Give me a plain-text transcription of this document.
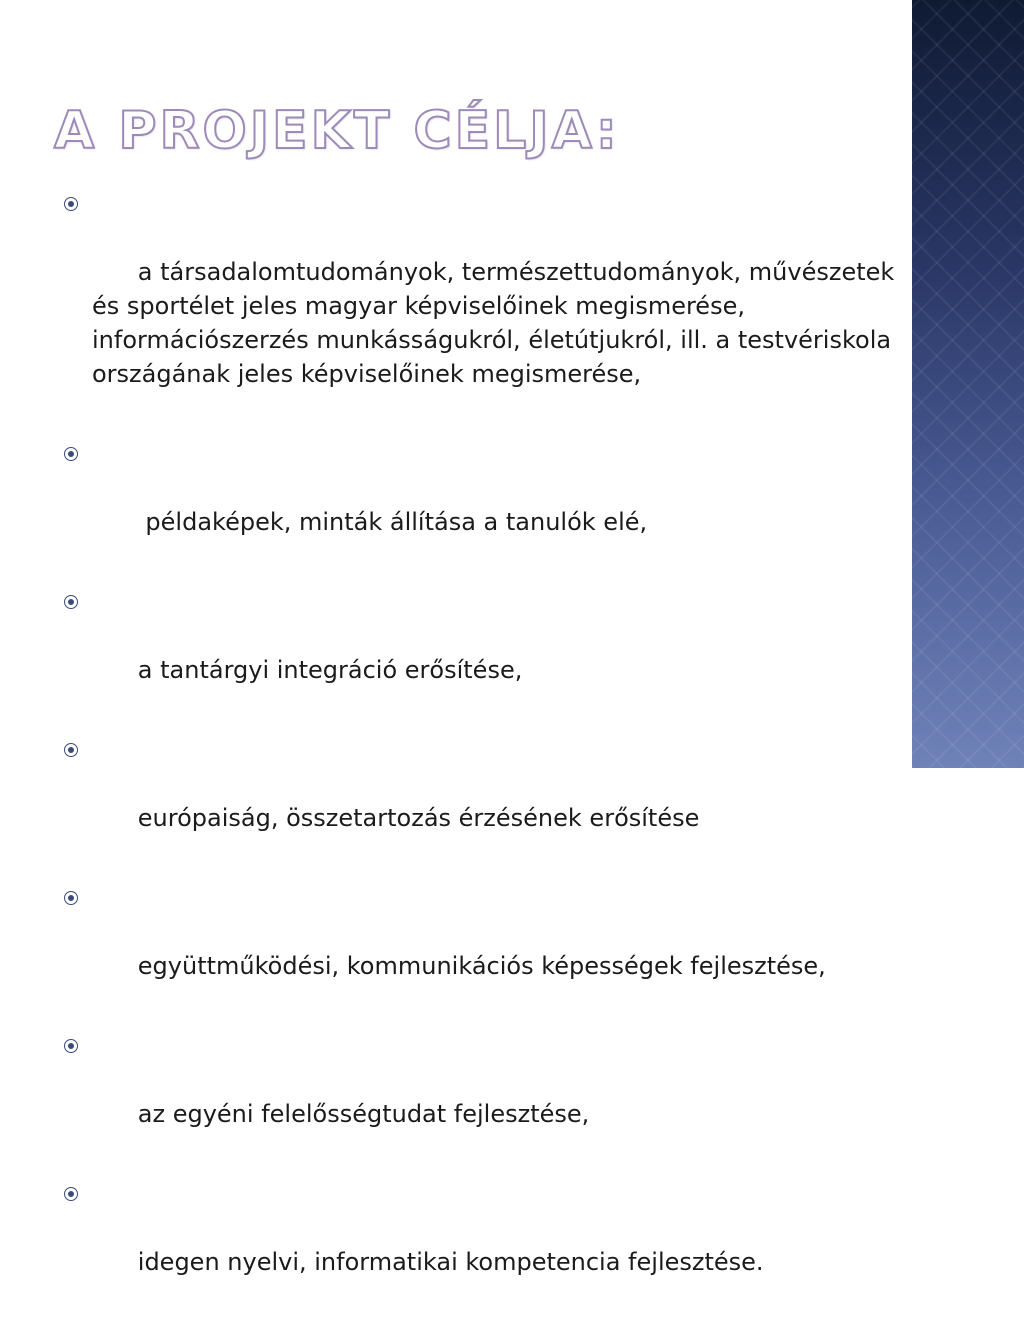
A PROJEKT CÉLJA:

a társadalomtudományok, természettudományok, művészetek és sportélet jeles magyar képviselőinek megismerése, információszerzés munkásságukról, életútjukról, ill. a testvériskola országának jeles képviselőinek megismerése,

példaképek, minták állítása a tanulók elé,

a tantárgyi integráció erősítése,

európaiság, összetartozás érzésének erősítése

együttműködési, kommunikációs képességek fejlesztése,

az egyéni felelősségtudat fejlesztése,

idegen nyelvi, informatikai kompetencia fejlesztése.
